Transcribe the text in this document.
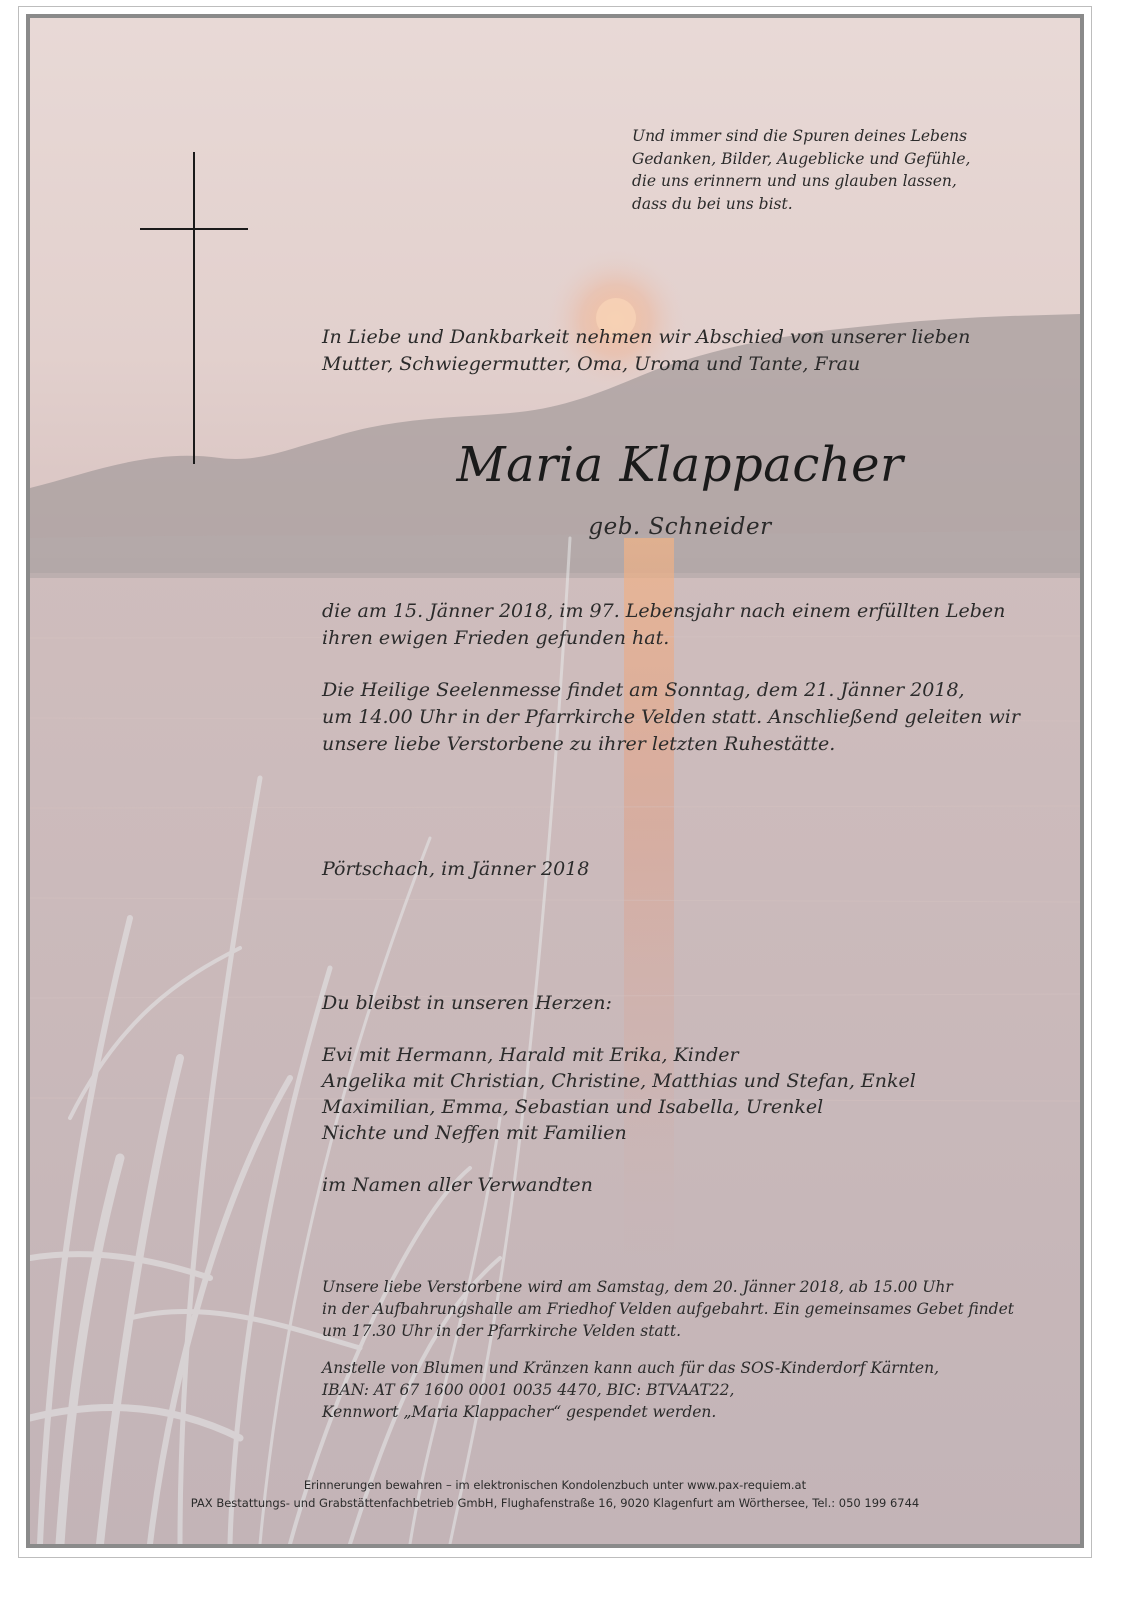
Und immer sind die Spuren deines Lebens
Gedanken, Bilder, Augeblicke und Gefühle,
die uns erinnern und uns glauben lassen,
dass du bei uns bist.
In Liebe und Dankbarkeit nehmen wir Abschied von unserer lieben
Mutter, Schwiegermutter, Oma, Uroma und Tante, Frau
Maria Klappacher
geb. Schneider
die am 15. Jänner 2018, im 97. Lebensjahr nach einem erfüllten Leben
ihren ewigen Frieden gefunden hat.
Die Heilige Seelenmesse findet am Sonntag, dem 21. Jänner 2018,
um 14.00 Uhr in der Pfarrkirche Velden statt. Anschließend geleiten wir
unsere liebe Verstorbene zu ihrer letzten Ruhestätte.
Pörtschach, im Jänner 2018
Du bleibst in unseren Herzen:
Evi mit Hermann, Harald mit Erika, Kinder
Angelika mit Christian, Christine, Matthias und Stefan, Enkel
Maximilian, Emma, Sebastian und Isabella, Urenkel
Nichte und Neffen mit Familien
im Namen aller Verwandten
Unsere liebe Verstorbene wird am Samstag, dem 20. Jänner 2018, ab 15.00 Uhr
in der Aufbahrungshalle am Friedhof Velden aufgebahrt. Ein gemeinsames Gebet findet
um 17.30 Uhr in der Pfarrkirche Velden statt.
Anstelle von Blumen und Kränzen kann auch für das SOS-Kinderdorf Kärnten,
IBAN: AT 67 1600 0001 0035 4470, BIC: BTVAAT22,
Kennwort „Maria Klappacher“ gespendet werden.
Erinnerungen bewahren – im elektronischen Kondolenzbuch unter www.pax-requiem.at
PAX Bestattungs- und Grabstättenfachbetrieb GmbH, Flughafenstraße 16, 9020 Klagenfurt am Wörthersee, Tel.: 050 199 6744
